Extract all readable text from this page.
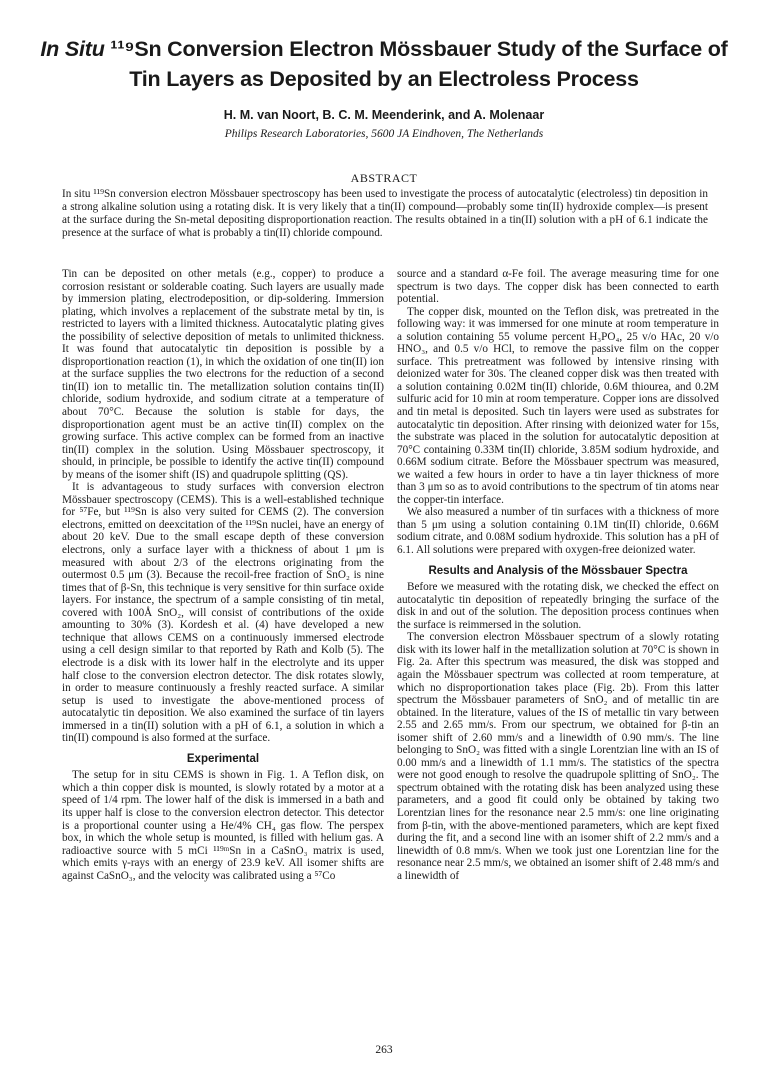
In Situ ¹¹⁹Sn Conversion Electron Mössbauer Study of the Surface of Tin Layers as Deposited by an Electroless Process
H. M. van Noort, B. C. M. Meenderink, and A. Molenaar
Philips Research Laboratories, 5600 JA Eindhoven, The Netherlands
ABSTRACT
In situ ¹¹⁹Sn conversion electron Mössbauer spectroscopy has been used to investigate the process of autocatalytic (electroless) tin deposition in a strong alkaline solution using a rotating disk. It is very likely that a tin(II) compound—probably some tin(II) hydroxide complex—is present at the surface during the Sn-metal depositing disproportionation reaction. The results obtained in a tin(II) solution with a pH of 6.1 indicate the presence at the surface of what is probably a tin(II) chloride compound.

Tin can be deposited on other metals (e.g., copper) to produce a corrosion resistant or solderable coating. Such layers are usually made by immersion plating, electrodeposition, or dip-soldering. Immersion plating, which involves a replacement of the substrate metal by tin, is restricted to layers with a limited thickness. Autocatalytic plating gives the possibility of selective deposition of metals to unlimited thickness. It was found that autocatalytic tin deposition is possible by a disproportionation reaction (1), in which the oxidation of one tin(II) ion at the surface supplies the two electrons for the reduction of a second tin(II) ion to metallic tin. The metallization solution contains tin(II) chloride, sodium hydroxide, and sodium citrate at a temperature of about 70°C. Because the solution is stable for days, the disproportionation agent must be an active tin(II) complex on the growing surface. This active complex can be formed from an inactive tin(II) complex in the solution. Using Mössbauer spectroscopy, it should, in principle, be possible to identify the active tin(II) compound by means of the isomer shift (IS) and quadrupole splitting (QS).

It is advantageous to study surfaces with conversion electron Mössbauer spectroscopy (CEMS). This is a well-established technique for ⁵⁷Fe, but ¹¹⁹Sn is also very suited for CEMS (2). The conversion electrons, emitted on deexcitation of the ¹¹⁹Sn nuclei, have an energy of about 20 keV. Due to the small escape depth of these conversion electrons, only a surface layer with a thickness of about 1 μm is measured with about 2/3 of the electrons originating from the outermost 0.5 μm (3). Because the recoil-free fraction of SnO₂ is nine times that of β-Sn, this technique is very sensitive for thin surface oxide layers. For instance, the spectrum of a sample consisting of tin metal, covered with 100Å SnO₂, will consist of contributions of the oxide amounting to 30% (3). Kordesh et al. (4) have developed a new technique that allows CEMS on a continuously immersed electrode using a cell design similar to that reported by Rath and Kolb (5). The electrode is a disk with its lower half in the electrolyte and its upper half close to the conversion electron detector. The disk rotates slowly, in order to measure continuously a freshly reacted surface. A similar setup is used to investigate the above-mentioned process of autocatalytic tin deposition. We also examined the surface of tin layers immersed in a tin(II) solution with a pH of 6.1, a solution in which a tin(II) compound is also formed at the surface.

Experimental

The setup for in situ CEMS is shown in Fig. 1. A Teflon disk, on which a thin copper disk is mounted, is slowly rotated by a motor at a speed of 1/4 rpm. The lower half of the disk is immersed in a bath and its upper half is close to the conversion electron detector. This detector is a proportional counter using a He/4% CH₄ gas flow. The perspex box, in which the whole setup is mounted, is filled with helium gas. A radioactive source with 5 mCi ¹¹⁹ᵐSn in a CaSnO₃ matrix is used, which emits γ-rays with an energy of 23.9 keV. All isomer shifts are against CaSnO₃, and the velocity was calibrated using a ⁵⁷Co

source and a standard α-Fe foil. The average measuring time for one spectrum is two days. The copper disk has been connected to earth potential.

The copper disk, mounted on the Teflon disk, was pretreated in the following way: it was immersed for one minute at room temperature in a solution containing 55 volume percent H₃PO₄, 25 v/o HAc, 20 v/o HNO₃, and 0.5 v/o HCl, to remove the passive film on the copper surface. This pretreatment was followed by intensive rinsing with deionized water for 30s. The cleaned copper disk was then treated with a solution containing 0.02M tin(II) chloride, 0.6M thiourea, and 0.2M sulfuric acid for 10 min at room temperature. Copper ions are dissolved and tin metal is deposited. Such tin layers were used as substrates for autocatalytic tin deposition. After rinsing with deionized water for 15s, the substrate was placed in the solution for autocatalytic deposition at 70°C containing 0.33M tin(II) chloride, 3.85M sodium hydroxide, and 0.66M sodium citrate. Before the Mössbauer spectrum was measured, we waited a few hours in order to have a tin layer thickness of more than 3 μm so as to avoid contributions to the spectrum of tin atoms near the copper-tin interface.

We also measured a number of tin surfaces with a thickness of more than 5 μm using a solution containing 0.1M tin(II) chloride, 0.66M sodium citrate, and 0.08M sodium hydroxide. This solution has a pH of 6.1. All solutions were prepared with oxygen-free deionized water.

Results and Analysis of the Mössbauer Spectra

Before we measured with the rotating disk, we checked the effect on autocatalytic tin deposition of repeatedly bringing the surface of the disk in and out of the solution. The deposition process continues when the surface is reimmersed in the solution.

The conversion electron Mössbauer spectrum of a slowly rotating disk with its lower half in the metallization solution at 70°C is shown in Fig. 2a. After this spectrum was measured, the disk was stopped and again the Mössbauer spectrum was collected at room temperature, at which no disproportionation takes place (Fig. 2b). From this latter spectrum the Mössbauer parameters of SnO₂ and of metallic tin are obtained. In the literature, values of the IS of metallic tin vary between 2.55 and 2.65 mm/s. From our spectrum, we obtained for β-tin an isomer shift of 2.60 mm/s and a linewidth of 0.90 mm/s. The line belonging to SnO₂ was fitted with a single Lorentzian line with an IS of 0.00 mm/s and a linewidth of 1.1 mm/s. The statistics of the spectra were not good enough to resolve the quadrupole splitting of SnO₂. The spectrum obtained with the rotating disk has been analyzed using these parameters, and a good fit could only be obtained by taking two Lorentzian lines for the resonance near 2.5 mm/s: one line originating from β-tin, with the above-mentioned parameters, which are kept fixed during the fit, and a second line with an isomer shift of 2.2 mm/s and a linewidth of 0.8 mm/s. When we took just one Lorentzian line for the resonance near 2.5 mm/s, we obtained an isomer shift of 2.48 mm/s and a linewidth of

263
